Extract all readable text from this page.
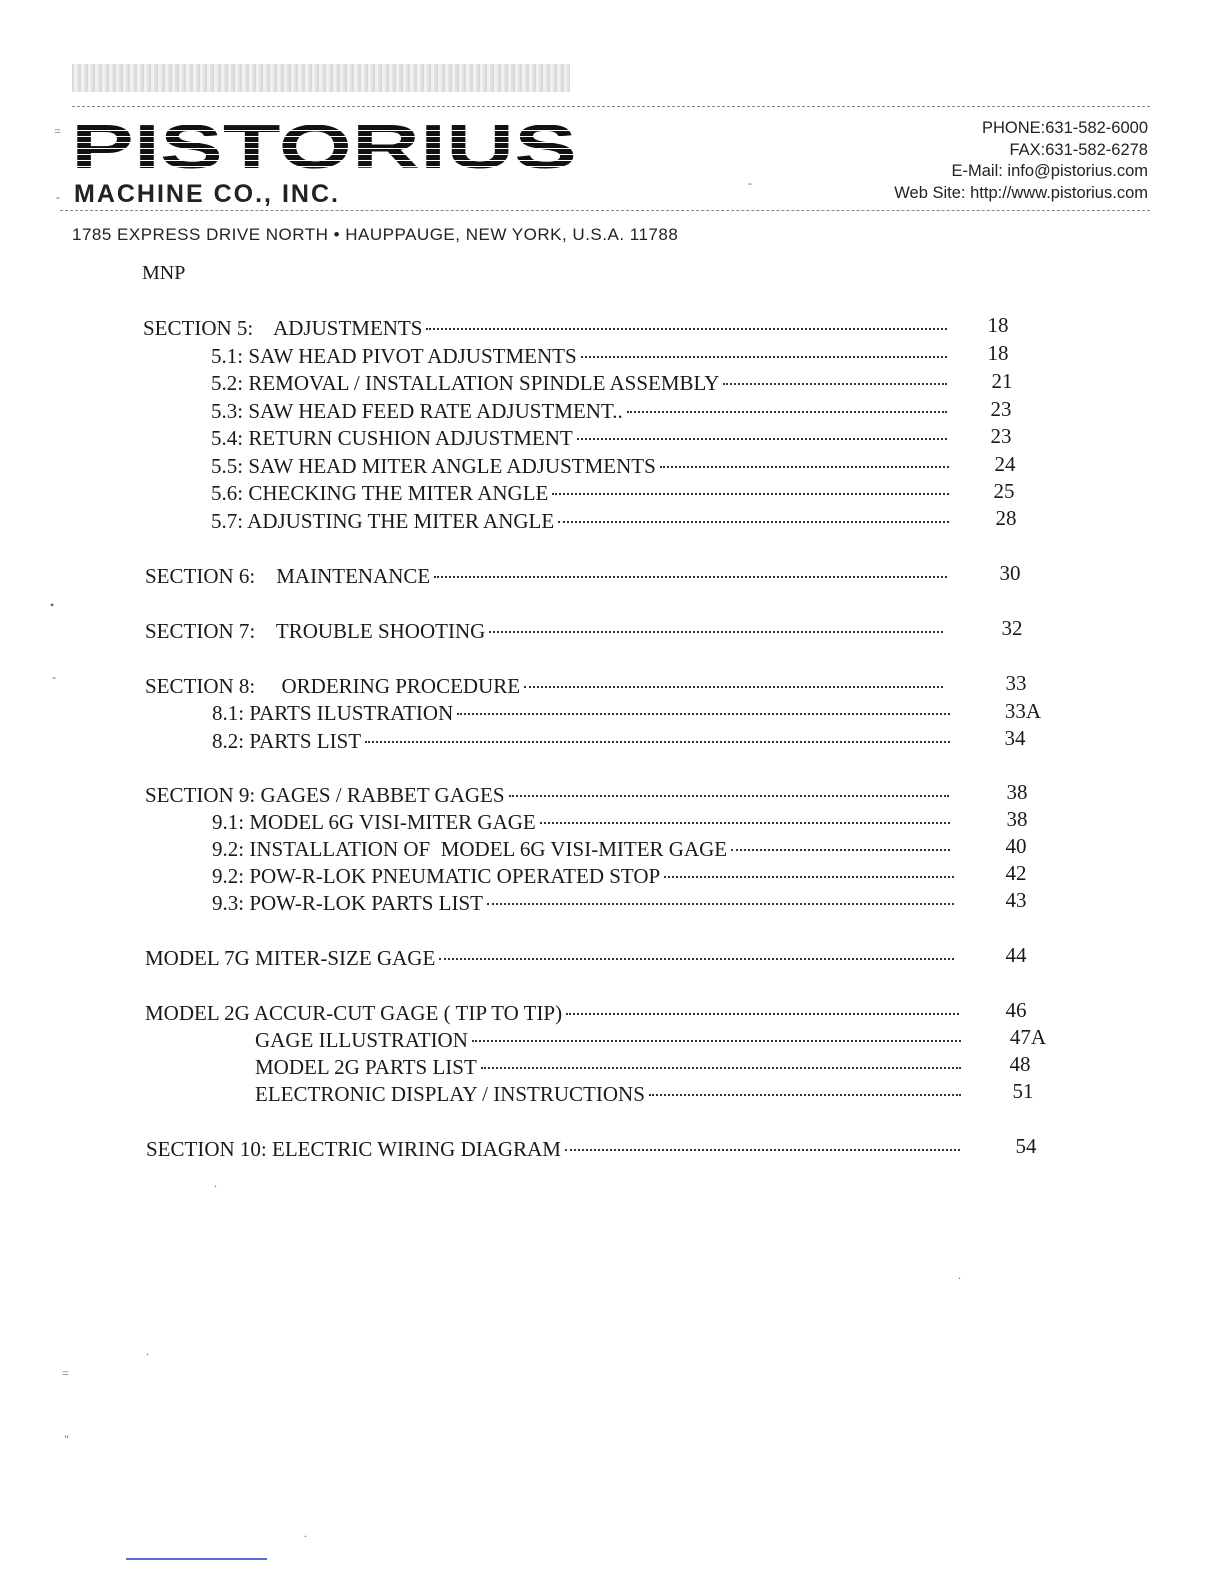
PISTORIUS

MACHINE CO., INC.

PHONE:631-582-6000
FAX:631-582-6278
E-Mail: info@pistorius.com
Web Site: http://www.pistorius.com

1785 EXPRESS DRIVE NORTH • HAUPPAUGE, NEW YORK, U.S.A. 11788

MNP

SECTION 5:    ADJUSTMENTS	18
5.1: SAW HEAD PIVOT ADJUSTMENTS	18
5.2: REMOVAL / INSTALLATION SPINDLE ASSEMBLY	21
5.3: SAW HEAD FEED RATE ADJUSTMENT..	23
5.4: RETURN CUSHION ADJUSTMENT	23
5.5: SAW HEAD MITER ANGLE ADJUSTMENTS	24
5.6: CHECKING THE MITER ANGLE	25
5.7: ADJUSTING THE MITER ANGLE	28
SECTION 6:    MAINTENANCE	30
SECTION 7:    TROUBLE SHOOTING	32
SECTION 8:     ORDERING PROCEDURE	33
8.1: PARTS ILUSTRATION	33A
8.2: PARTS LIST	34
SECTION 9: GAGES / RABBET GAGES	38
9.1: MODEL 6G VISI-MITER GAGE	38
9.2: INSTALLATION OF  MODEL 6G VISI-MITER GAGE	40
9.2: POW-R-LOK PNEUMATIC OPERATED STOP	42
9.3: POW-R-LOK PARTS LIST	43
MODEL 7G MITER-SIZE GAGE	44
MODEL 2G ACCUR-CUT GAGE ( TIP TO TIP)	46
GAGE ILLUSTRATION	47A
MODEL 2G PARTS LIST	48
ELECTRONIC DISPLAY / INSTRUCTIONS	51
SECTION 10: ELECTRIC WIRING DIAGRAM	54
=
-
-
•
-
.
.
.
=
"
.
